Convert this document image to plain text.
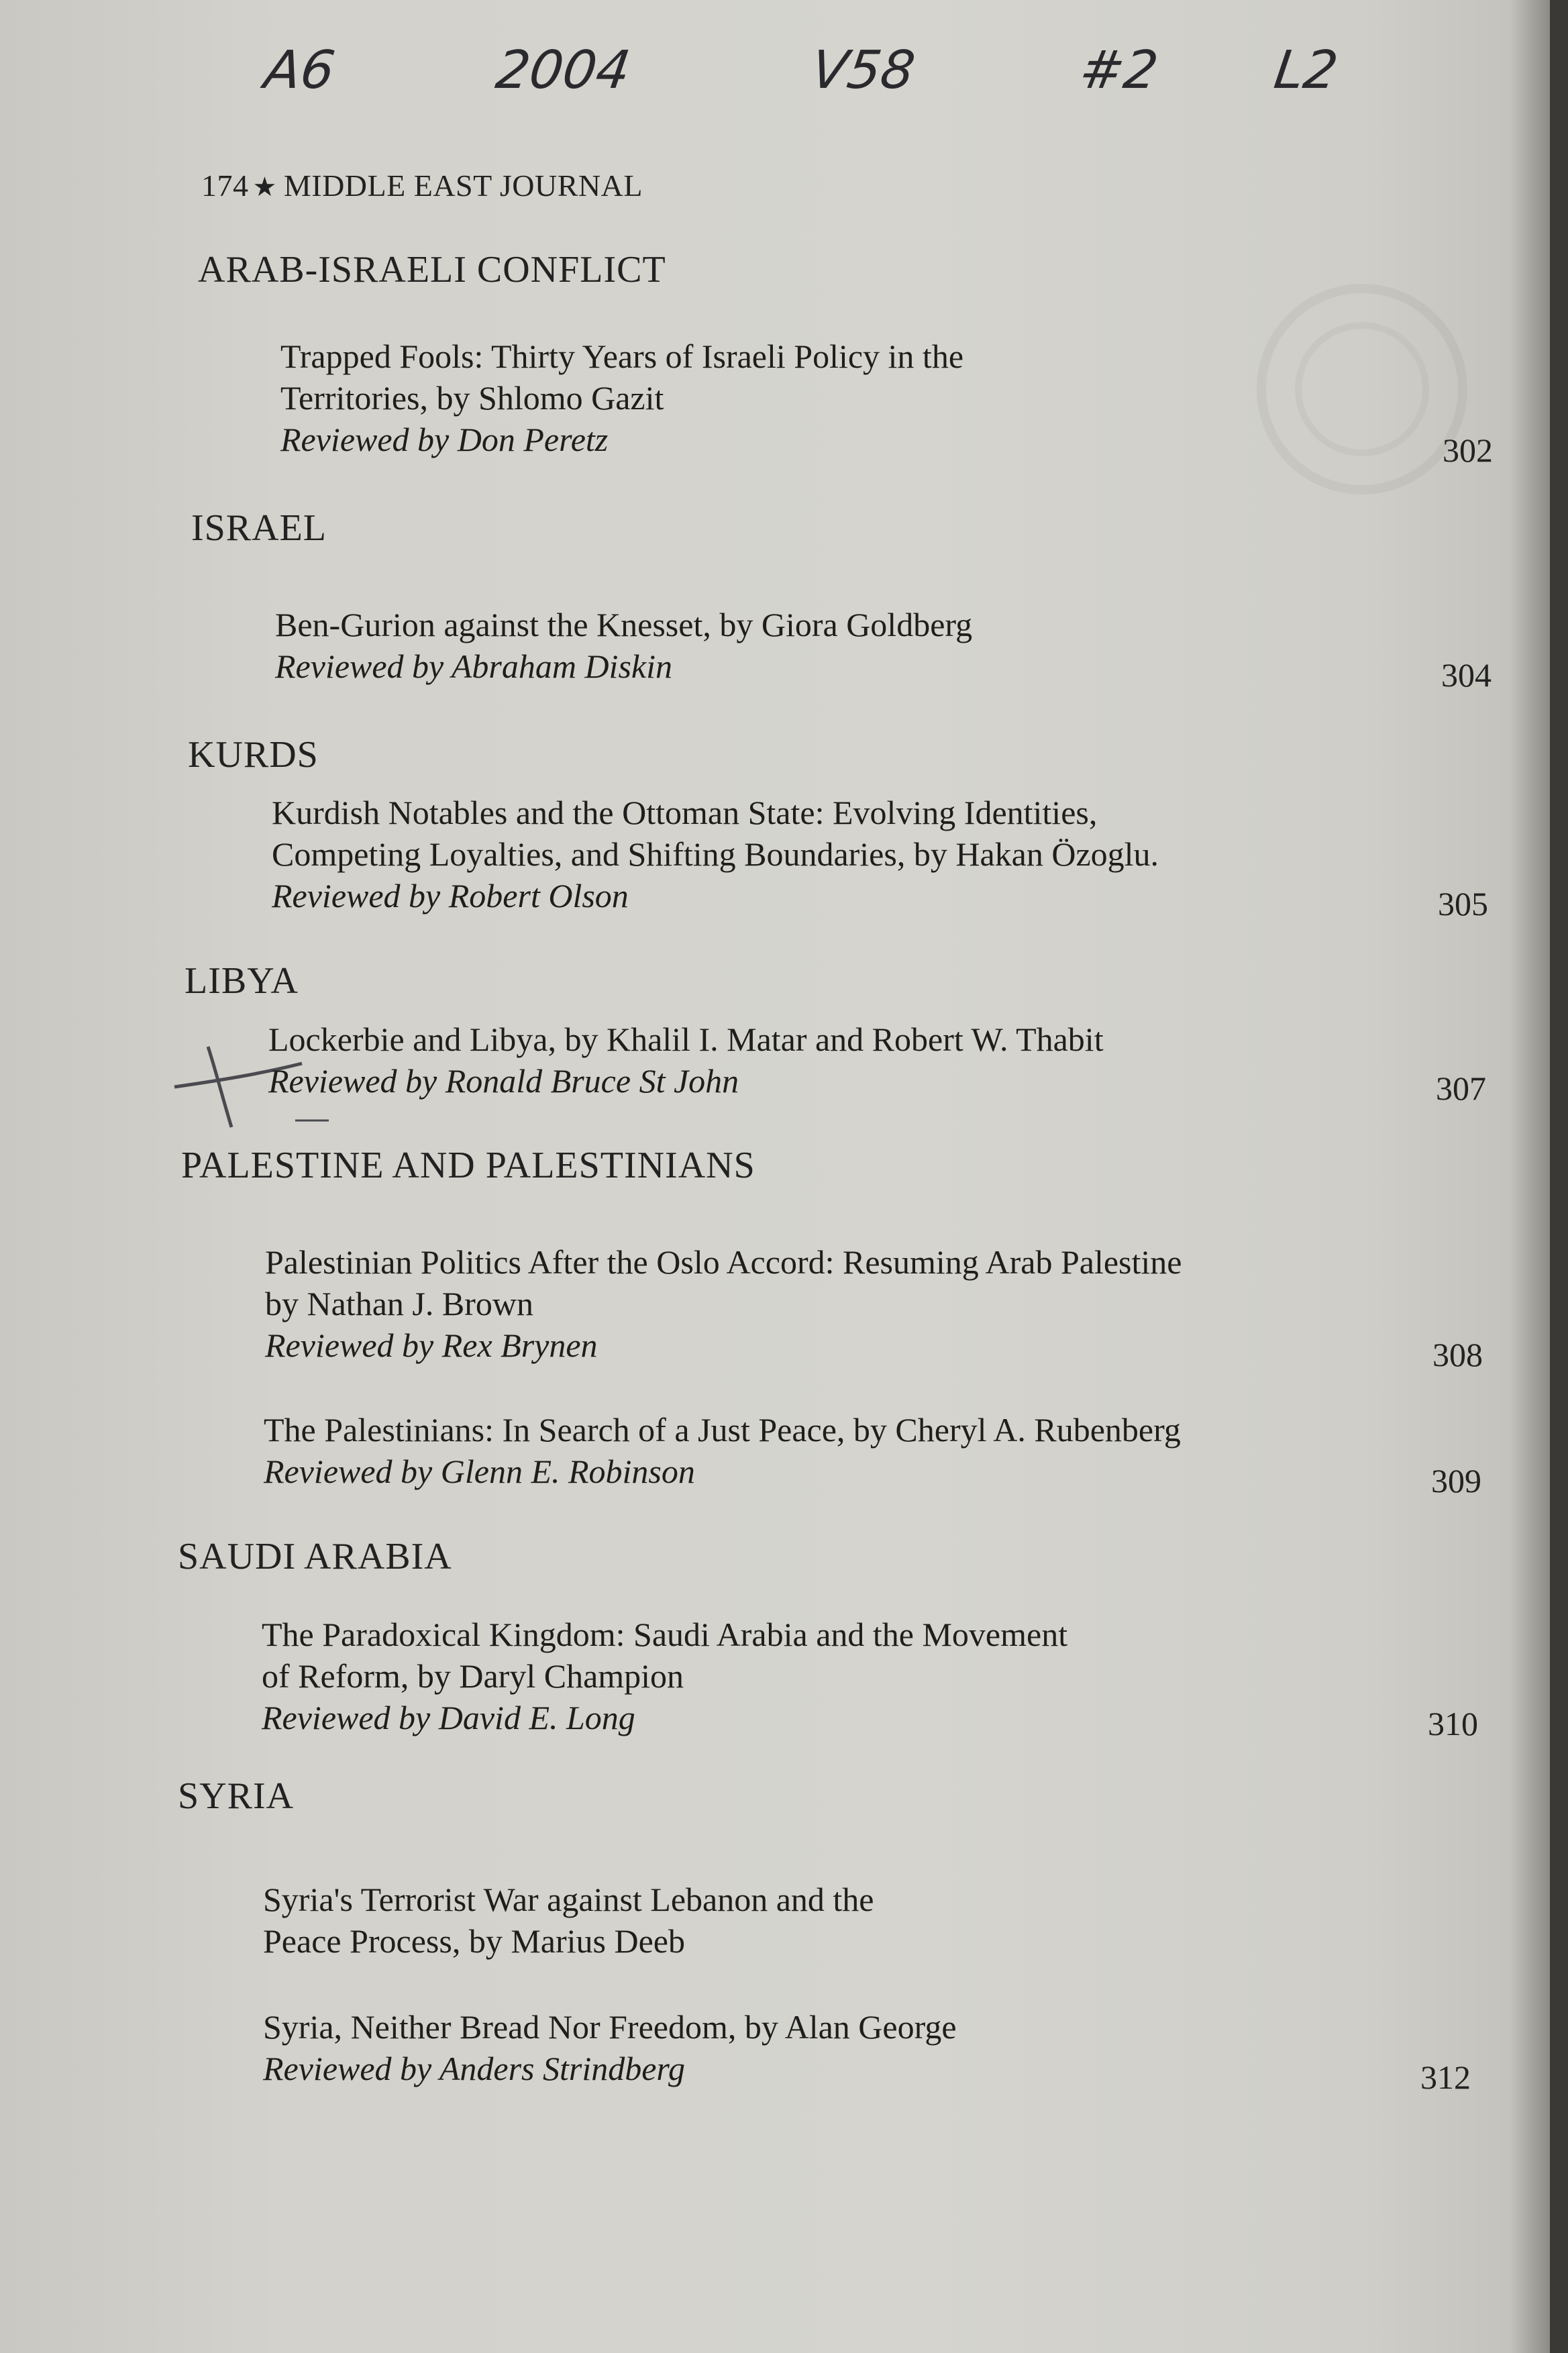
A6	2004	V58	#2 L2
174 ★ MIDDLE EAST JOURNAL
ARAB-ISRAELI CONFLICT
Trapped Fools: Thirty Years of Israeli Policy in the
Territories, by Shlomo Gazit
Reviewed by Don Peretz	302
ISRAEL
Ben-Gurion against the Knesset, by Giora Goldberg
Reviewed by Abraham Diskin	304
KURDS
Kurdish Notables and the Ottoman State: Evolving Identities,
Competing Loyalties, and Shifting Boundaries, by Hakan Özoglu.
Reviewed by Robert Olson	305
LIBYA
Lockerbie and Libya, by Khalil I. Matar and Robert W. Thabit
Reviewed by Ronald Bruce St John	307
PALESTINE AND PALESTINIANS
Palestinian Politics After the Oslo Accord: Resuming Arab Palestine
by Nathan J. Brown
Reviewed by Rex Brynen	308
The Palestinians: In Search of a Just Peace, by Cheryl A. Rubenberg
Reviewed by Glenn E. Robinson	309
SAUDI ARABIA
The Paradoxical Kingdom: Saudi Arabia and the Movement
of Reform, by Daryl Champion
Reviewed by David E. Long	310
SYRIA
Syria's Terrorist War against Lebanon and the
Peace Process, by Marius Deeb
Syria, Neither Bread Nor Freedom, by Alan George
Reviewed by Anders Strindberg	312
